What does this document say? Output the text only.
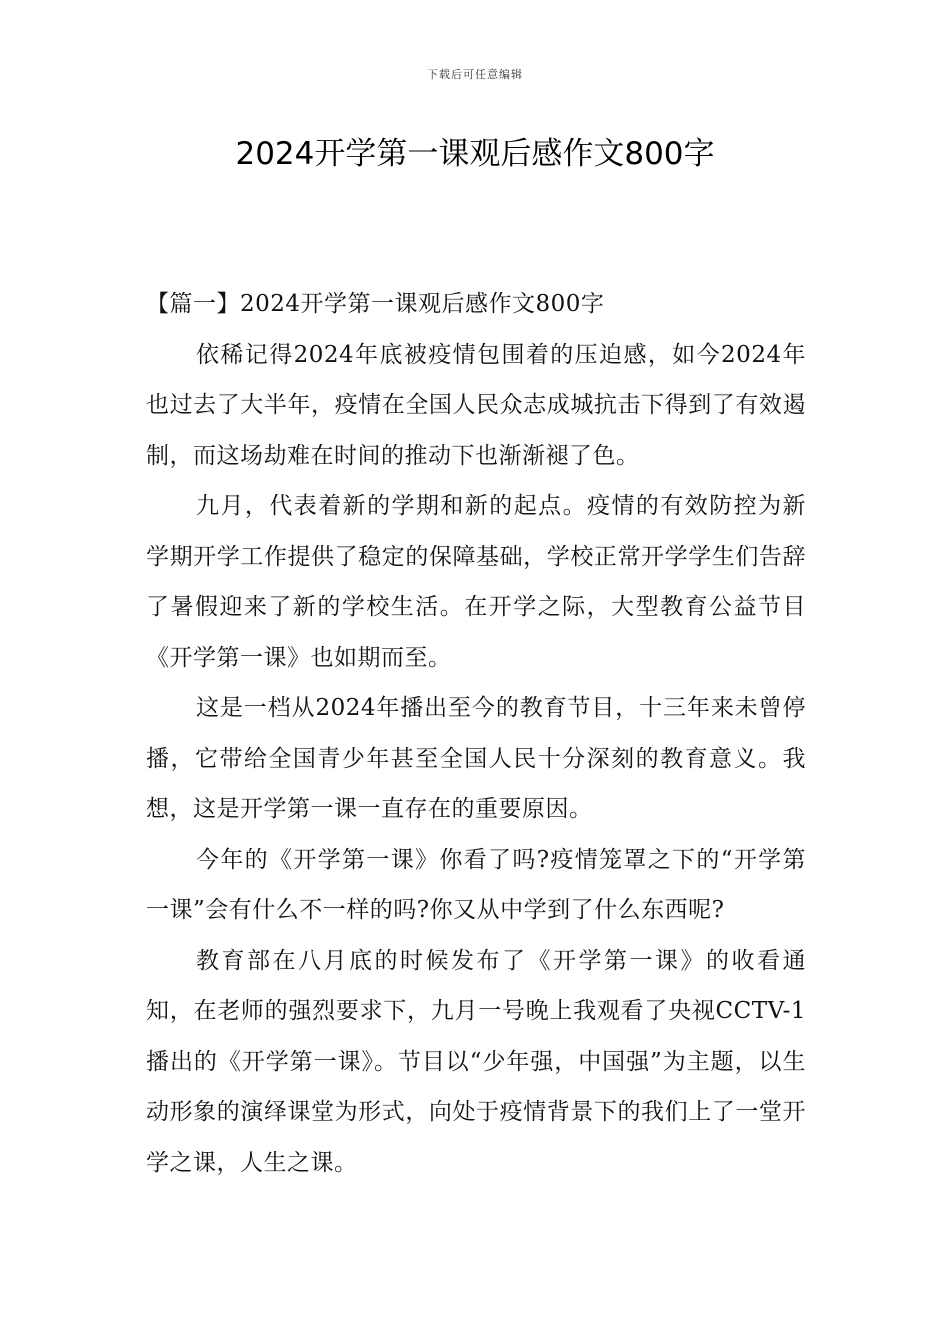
下载后可任意编辑
2024开学第一课观后感作文800字

【篇一】2024开学第一课观后感作文800字

依稀记得2024年底被疫情包围着的压迫感，如今2024年也过去了大半年，疫情在全国人民众志成城抗击下得到了有效遏制，而这场劫难在时间的推动下也渐渐褪了色。

九月，代表着新的学期和新的起点。疫情的有效防控为新学期开学工作提供了稳定的保障基础，学校正常开学学生们告辞了暑假迎来了新的学校生活。在开学之际，大型教育公益节目《开学第一课》也如期而至。

这是一档从2024年播出至今的教育节目，十三年来未曾停播，它带给全国青少年甚至全国人民十分深刻的教育意义。我想，这是开学第一课一直存在的重要原因。

今年的《开学第一课》你看了吗?疫情笼罩之下的“开学第一课”会有什么不一样的吗?你又从中学到了什么东西呢?

教育部在八月底的时候发布了《开学第一课》的收看通知，在老师的强烈要求下，九月一号晚上我观看了央视CCTV-1播出的《开学第一课》。节目以“少年强，中国强”为主题，以生动形象的演绎课堂为形式，向处于疫情背景下的我们上了一堂开学之课，人生之课。
